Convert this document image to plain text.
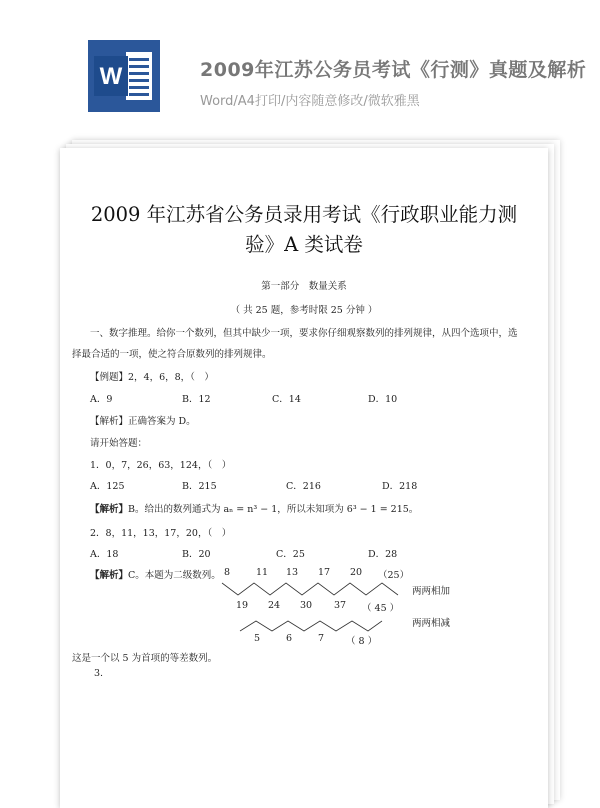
W	2009年江苏公务员考试《行测》真题及解析
Word/A4打印/内容随意修改/微软雅黑
2009 年江苏省公务员录用考试《行政职业能力测
验》A 类试卷
第一部分　数量关系
（ 共 25 题，参考时限 25 分钟 ）
一、数字推理。给你一个数列，但其中缺少一项，要求你仔细观察数列的排列规律，从四个选项中，选
择最合适的一项，使之符合原数列的排列规律。
【例题】2，4，6，8，（　）
A．9	B．12	C．14	D．10
【解析】正确答案为 D。
请开始答题：
1．0，7，26，63，124，（　）
A．125	B．215	C．216	D．218
【解析】B。给出的数列通式为 aₙ = n³ − 1，所以未知项为 6³ − 1 = 215。
2．8，11，13，17，20，（　）
A．18	B．20	C．25	D．28
【解析】C。本题为二级数列。 8	11 13 17 20 （25）
两两相加
19 24 30 37 （ 45 ）
两两相减
5	6	7 （ 8 ）
这是一个以 5 为首项的等差数列。
3.
